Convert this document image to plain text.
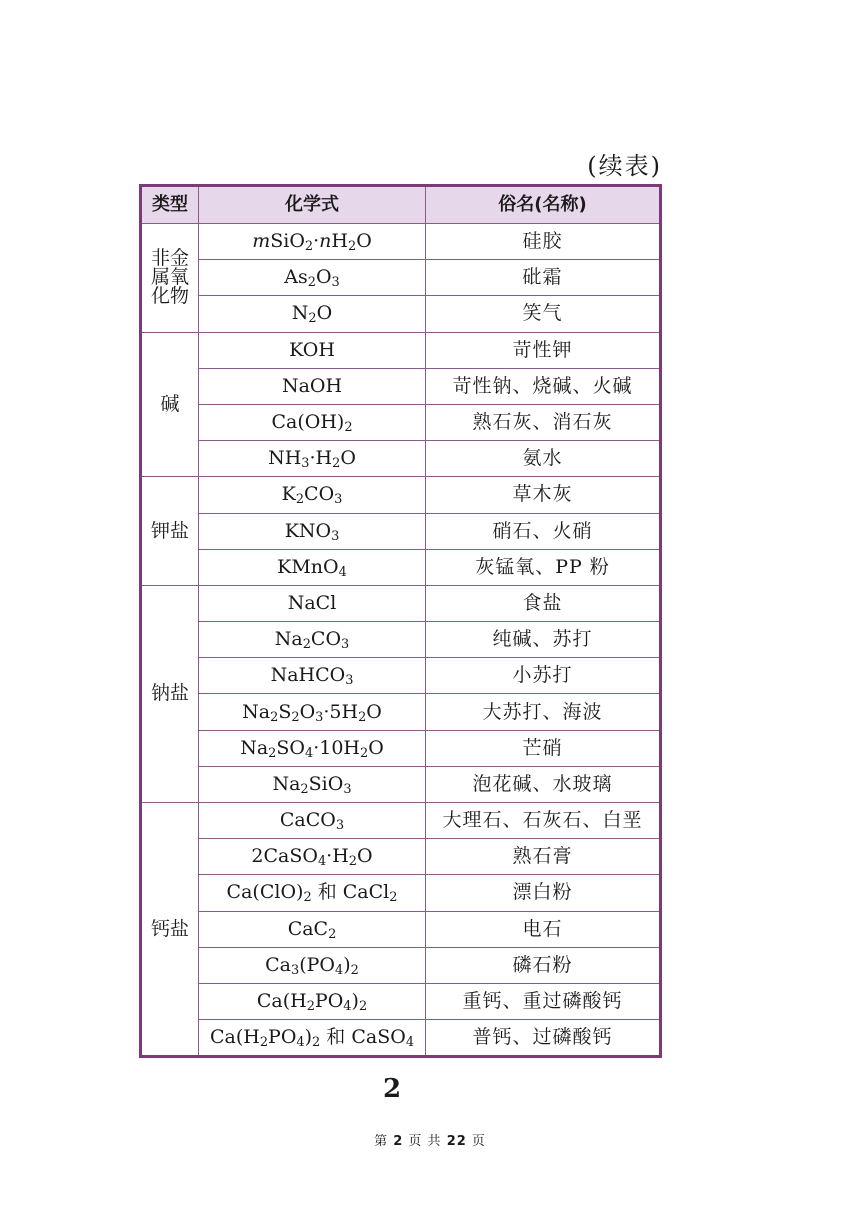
(续表)
类型	化学式	俗名(名称)

非金
属氧
化物	$mSiO_2\cdot nH_2O$	硅胶
	$As_2O_3$	砒霜
	$N_2O$	笑气

碱	KOH	苛性钾
	NaOH	苛性钠、烧碱、火碱
	$Ca(OH)_2$	熟石灰、消石灰
	$NH_3\cdot H_2O$	氨水

钾盐	$K_2CO_3$	草木灰
	$KNO_3$	硝石、火硝
	KMnO$_4$	灰锰氧、PP 粉

钠盐	NaCl	食盐
	$Na_2CO_3$	纯碱、苏打
	NaHCO$_3$	小苏打
	$Na_2S_2O_3\cdot 5H_2O$	大苏打、海波
	$Na_2SO_4\cdot 10H_2O$	芒硝
	$Na_2SiO_3$	泡花碱、水玻璃

钙盐	CaCO$_3$	大理石、石灰石、白垩
	$2CaSO_4\cdot H_2O$	熟石膏
	$Ca(ClO)_2$ 和 CaCl$_2$	漂白粉
	CaC$_2$	电石
	$Ca_3(PO_4)_2$	磷石粉
	$Ca(H_2PO_4)_2$	重钙、重过磷酸钙
	$Ca(H_2PO_4)_2$ 和 CaSO$_4$	普钙、过磷酸钙
2
第 2 页 共 22 页
